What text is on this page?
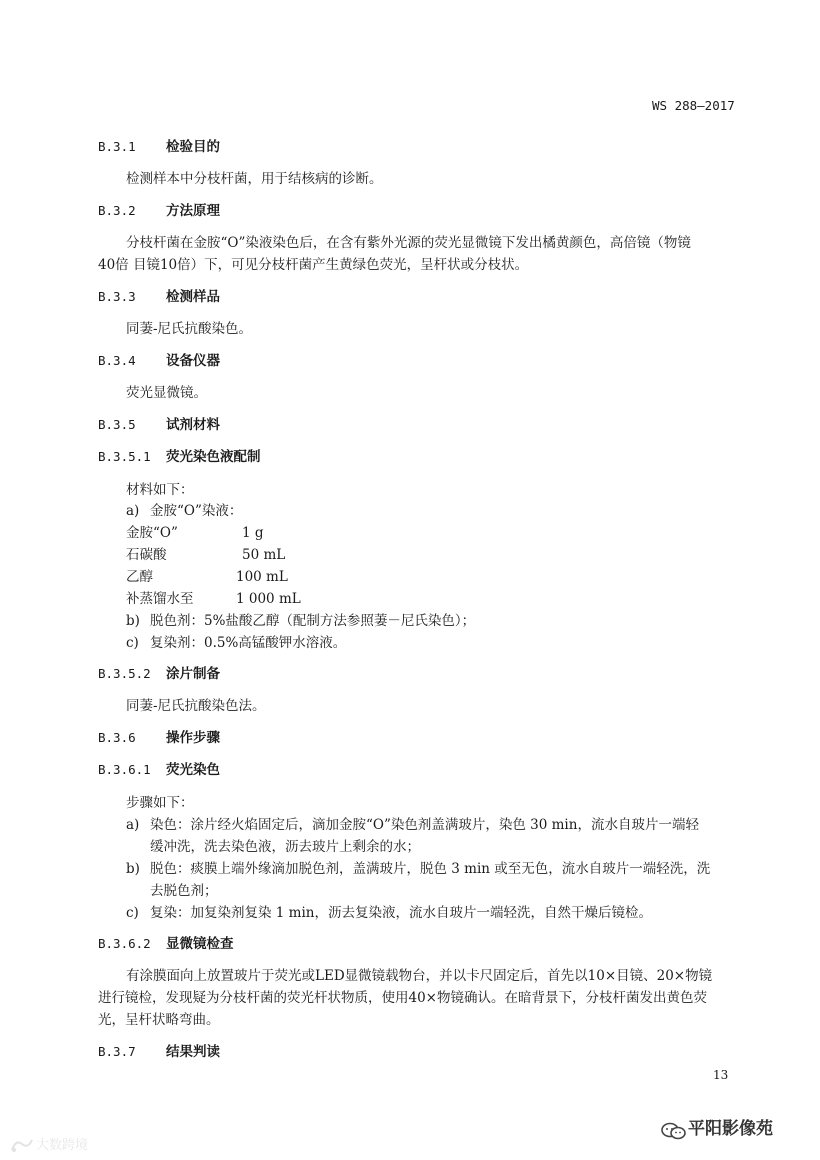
WS 288—2017
B.3.1 检验目的
检测样本中分枝杆菌，用于结核病的诊断。
B.3.2 方法原理
分枝杆菌在金胺“O”染液染色后，在含有紫外光源的荧光显微镜下发出橘黄颜色，高倍镜（物镜
40倍 目镜10倍）下，可见分枝杆菌产生黄绿色荧光，呈杆状或分枝状。
B.3.3 检测样品
同萋-尼氏抗酸染色。
B.3.4 设备仪器
荧光显微镜。
B.3.5 试剂材料
B.3.5.1 荧光染色液配制
材料如下：
a) 金胺“O”染液：
金胺“O”	1 g
石碳酸	50 mL
乙醇	100 mL
补蒸馏水至	1 000 mL
b) 脱色剂：5%盐酸乙醇（配制方法参照萋－尼氏染色）；
c) 复染剂：0.5%高锰酸钾水溶液。
B.3.5.2 涂片制备
同萋-尼氏抗酸染色法。
B.3.6 操作步骤
B.3.6.1 荧光染色
步骤如下：
a) 染色：涂片经火焰固定后，滴加金胺“O”染色剂盖满玻片，染色 30 min，流水自玻片一端轻
缓冲洗，洗去染色液，沥去玻片上剩余的水；
b) 脱色：痰膜上端外缘滴加脱色剂，盖满玻片，脱色 3 min 或至无色，流水自玻片一端轻洗，洗
去脱色剂；
c) 复染：加复染剂复染 1 min，沥去复染液，流水自玻片一端轻洗，自然干燥后镜检。
B.3.6.2 显微镜检查
有涂膜面向上放置玻片于荧光或LED显微镜载物台，并以卡尺固定后，首先以10×目镜、20×物镜
进行镜检，发现疑为分枝杆菌的荧光杆状物质，使用40×物镜确认。在暗背景下，分枝杆菌发出黄色荧
光，呈杆状略弯曲。
B.3.7 结果判读
13
平阳影像苑
大数跨境
